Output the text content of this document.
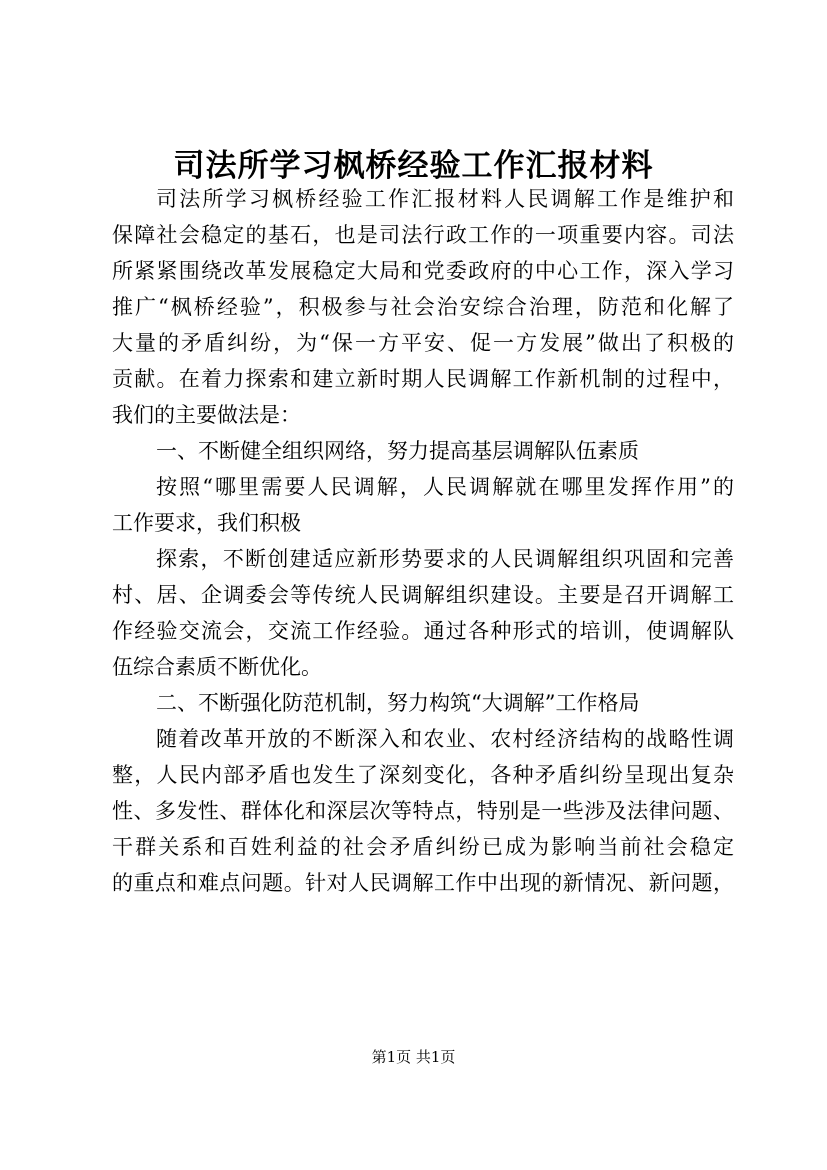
司法所学习枫桥经验工作汇报材料
司法所学习枫桥经验工作汇报材料人民调解工作是维护和
保障社会稳定的基石，也是司法行政工作的一项重要内容。司法
所紧紧围绕改革发展稳定大局和党委政府的中心工作，深入学习
推广“枫桥经验”，积极参与社会治安综合治理，防范和化解了
大量的矛盾纠纷，为“保一方平安、促一方发展”做出了积极的
贡献。在着力探索和建立新时期人民调解工作新机制的过程中，
我们的主要做法是：
一、不断健全组织网络，努力提高基层调解队伍素质
按照“哪里需要人民调解，人民调解就在哪里发挥作用”的
工作要求，我们积极
探索，不断创建适应新形势要求的人民调解组织巩固和完善
村、居、企调委会等传统人民调解组织建设。主要是召开调解工
作经验交流会，交流工作经验。通过各种形式的培训，使调解队
伍综合素质不断优化。
二、不断强化防范机制，努力构筑“大调解”工作格局
随着改革开放的不断深入和农业、农村经济结构的战略性调
整，人民内部矛盾也发生了深刻变化，各种矛盾纠纷呈现出复杂
性、多发性、群体化和深层次等特点，特别是一些涉及法律问题、
干群关系和百姓利益的社会矛盾纠纷已成为影响当前社会稳定
的重点和难点问题。针对人民调解工作中出现的新情况、新问题，
第1页 共1页
